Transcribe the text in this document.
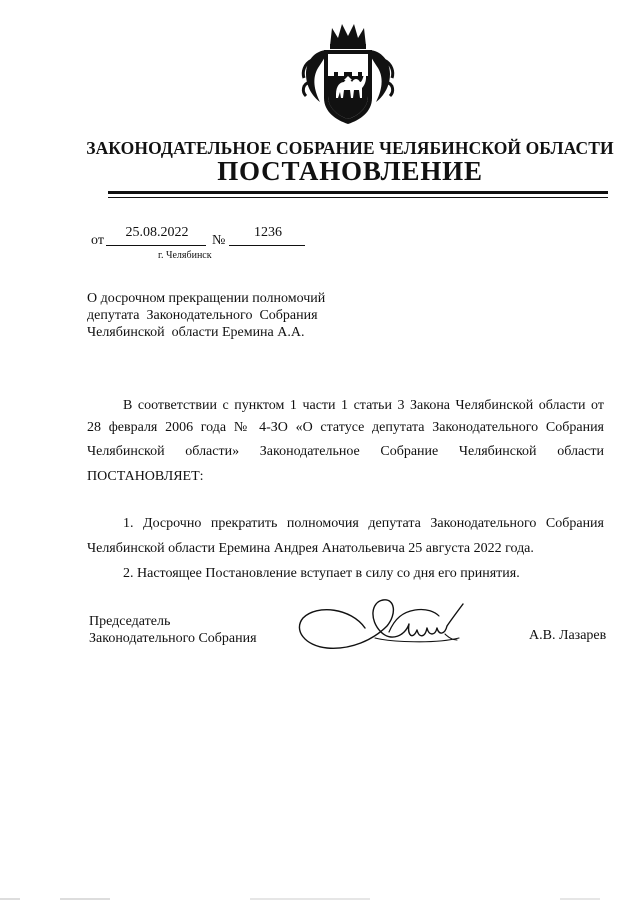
ЗАКОНОДАТЕЛЬНОЕ СОБРАНИЕ ЧЕЛЯБИНСКОЙ ОБЛАСТИ
ПОСТАНОВЛЕНИЕ
от
25.08.2022
№
1236
г. Челябинск
О досрочном прекращении полномочий
депутата  Законодательного  Собрания
Челябинской  области Еремина А.А.
В соответствии с пунктом 1 части 1 статьи 3 Закона Челябинской области от
28 февраля 2006 года № 4-ЗО «О статусе депутата Законодательного Собрания
Челябинской области» Законодательное Собрание Челябинской области
ПОСТАНОВЛЯЕТ:
1. Досрочно прекратить полномочия депутата Законодательного Собрания
Челябинской области Еремина Андрея Анатольевича 25 августа 2022 года.
2. Настоящее Постановление вступает в силу со дня его принятия.
Председатель
Законодательного Собрания	А.В. Лазарев
